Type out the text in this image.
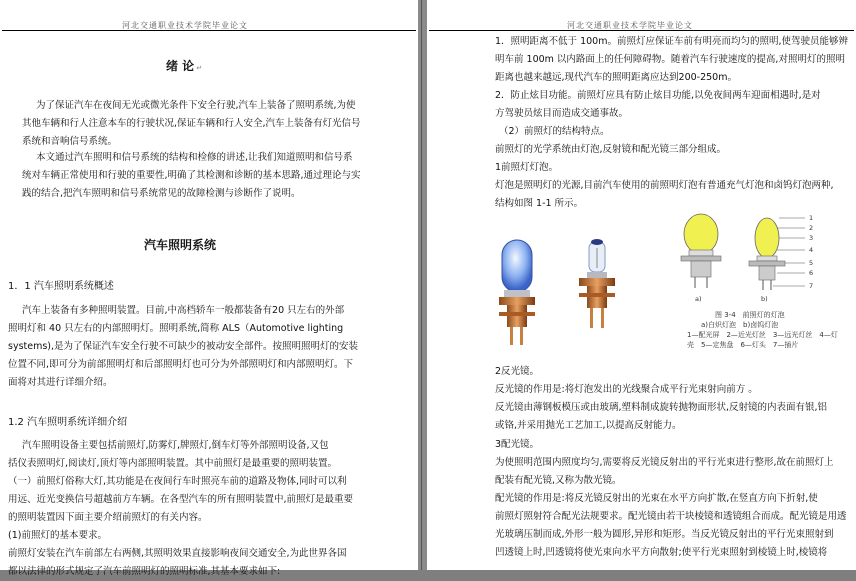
河北交通职业技术学院毕业论文
绪 论 ↵
为了保证汽车在夜间无光或微光条件下安全行驶,汽车上装备了照明系统,为使
其他车辆和行人注意本车的行驶状况,保证车辆和行人安全,汽车上装备有灯光信号
系统和音响信号系统。
本文通过汽车照明和信号系统的结构和检修的讲述,让我们知道照明和信号系
统对车辆正常使用和行驶的重要性,明确了其检测和诊断的基本思路,通过理论与实
践的结合,把汽车照明和信号系统常见的故障检测与诊断作了说明。
汽车照明系统
1．1 汽车照明系统概述
汽车上装备有多种照明装置。目前,中高档轿车一般都装备有20 只左右的外部
照明灯和 40 只左右的内部照明灯。照明系统,简称 ALS（Automotive lighting
systems),是为了保证汽车安全行驶不可缺少的被动安全部件。按照明照明灯的安装
位置不同,即可分为前部照明灯和后部照明灯也可分为外部照明灯和内部照明灯。下
面将对其进行详细介绍。
1.2 汽车照明系统详细介绍
汽车照明设备主要包括前照灯,防雾灯,牌照灯,倒车灯等外部照明设备,又包
括仪表照明灯,阅读灯,顶灯等内部照明装置。其中前照灯是最重要的照明装置。
（一）前照灯俗称大灯,其功能是在夜间行车时照亮车前的道路及物体,同时可以利
用远、近光变换信号超越前方车辆。在各型汽车的所有照明装置中,前照灯是最重要
的照明装置因下面主要介绍前照灯的有关内容。
(1)前照灯的基本要求。
前照灯安装在汽车前部左右两侧,其照明效果直接影响夜间交通安全,为此世界各国
都以法律的形式规定了汽车前照明灯的照明标准,其基本要求如下:
河北交通职业技术学院毕业论文
1．照明距离不低于 100m。前照灯应保证车前有明亮而均匀的照明,使驾驶员能够辨
明车前 100m 以内路面上的任何障碍物。随着汽车行驶速度的提高,对照明灯的照明
距离也越来越远,现代汽车的照明距离应达到200-250m。
2．防止炫目功能。前照灯应具有防止炫目功能,以免夜间两车迎面相遇时,是对
方驾驶员炫目而造成交通事故。
（2）前照灯的结构特点。
前照灯的光学系统由灯泡,反射镜和配光镜三部分组成。
1前照灯灯泡。
灯泡是照明灯的光源,目前汽车使用的前照明灯泡有普通充气灯泡和卤钨灯泡两种,
结构如图 1-1 所示。
1
2
3
4
5
6
7
a)	b)
图 3-4　前照灯的灯泡
a)白炽灯泡　b)卤钨灯泡
1—配光屏　2—近光灯丝　3—远光灯丝　4—灯
壳　5—定焦盘　6—灯头　7—插片
2反光镜。
反光镜的作用是:将灯泡发出的光线聚合成平行光束射向前方 。
反光镜由薄钢板模压或由玻璃,塑料制成旋转抛物面形状,反射镜的内表面有银,铝
或铬,并采用抛光工艺加工,以提高反射能力。
3配光镜。
为使照明范围内照度均匀,需要将反光镜反射出的平行光束进行整形,故在前照灯上
配装有配光镜,又称为散光镜。
配光镜的作用是:将反光镜反射出的光束在水平方向扩散,在竖直方向下折射,使
前照灯照射符合配光法规要求。配光镜由若干块棱镜和透镜组合而成。配光镜是用透
光玻璃压制而成,外形一般为圆形,异形和矩形。当反光镜反射出的平行光束照射到
凹透镜上时,凹透镜将使光束向水平方向散射;使平行光束照射到棱镜上时,棱镜将
